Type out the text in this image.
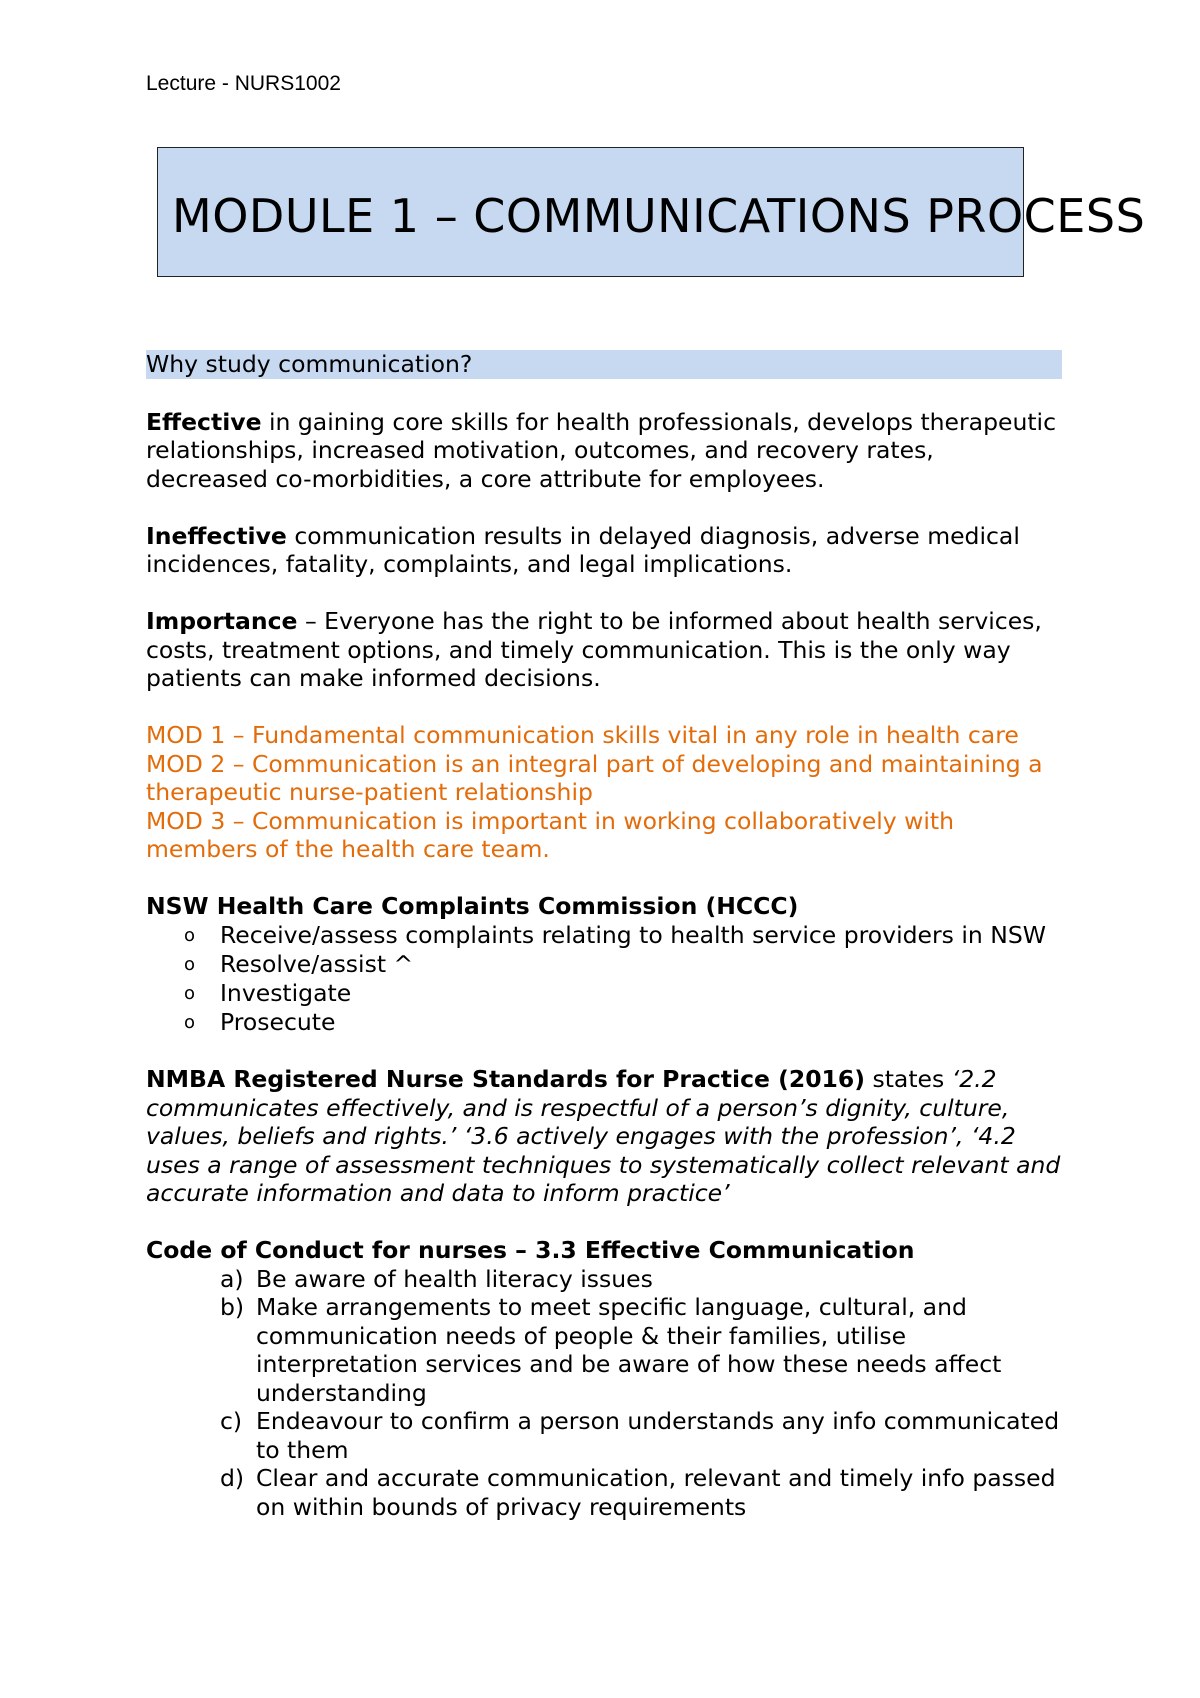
Lecture - NURS1002
MODULE 1 – COMMUNICATIONS PROCESS

Why study communication?

Effective in gaining core skills for health professionals, develops therapeutic relationships, increased motivation, outcomes, and recovery rates, decreased co-morbidities, a core attribute for employees.

Ineffective communication results in delayed diagnosis, adverse medical incidences, fatality, complaints, and legal implications.

Importance – Everyone has the right to be informed about health services, costs, treatment options, and timely communication. This is the only way patients can make informed decisions.

MOD 1 – Fundamental communication skills vital in any role in health care

MOD 2 – Communication is an integral part of developing and maintaining a therapeutic nurse-patient relationship

MOD 3 – Communication is important in working collaboratively with members of the health care team.

NSW Health Care Complaints Commission (HCCC)

o Receive/assess complaints relating to health service providers in NSW
o Resolve/assist ^
o Investigate
o Prosecute

NMBA Registered Nurse Standards for Practice (2016) states ‘2.2 communicates effectively, and is respectful of a person’s dignity, culture, values, beliefs and rights.’ ‘3.6 actively engages with the profession’, ‘4.2 uses a range of assessment techniques to systematically collect relevant and accurate information and data to inform practice’

Code of Conduct for nurses – 3.3 Effective Communication

a) Be aware of health literacy issues
b) Make arrangements to meet specific language, cultural, and communication needs of people & their families, utilise interpretation services and be aware of how these needs affect understanding
c) Endeavour to confirm a person understands any info communicated to them
d) Clear and accurate communication, relevant and timely info passed on within bounds of privacy requirements
